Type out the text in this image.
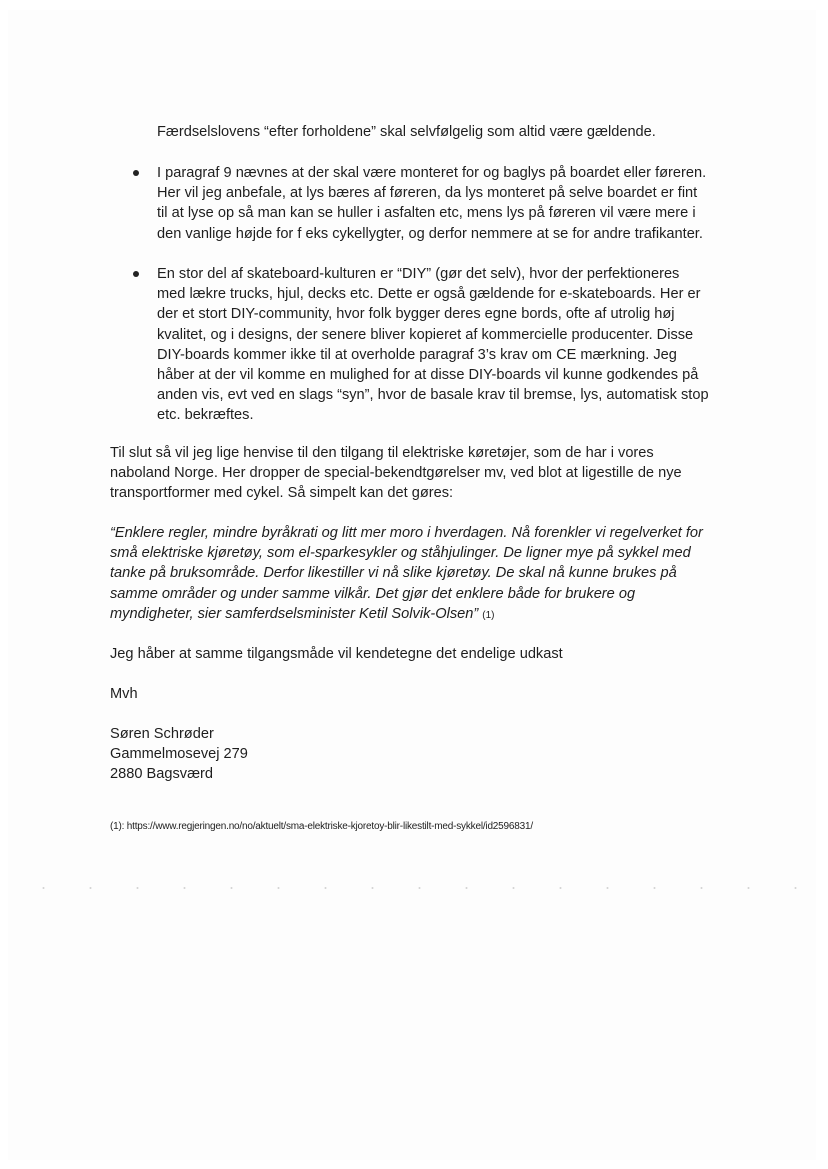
Færdselslovens “efter forholdene” skal selvfølgelig som altid være gældende.
I paragraf 9 nævnes at der skal være monteret for og baglys på boardet eller føreren.
Her vil jeg anbefale, at lys bæres af føreren, da lys monteret på selve boardet er fint
til at lyse op så man kan se huller i asfalten etc, mens lys på føreren vil være mere i
den vanlige højde for f eks cykellygter, og derfor nemmere at se for andre trafikanter.
En stor del af skateboard-kulturen er “DIY” (gør det selv), hvor der perfektioneres
med lækre trucks, hjul, decks etc. Dette er også gældende for e-skateboards. Her er
der et stort DIY-community, hvor folk bygger deres egne bords, ofte af utrolig høj
kvalitet, og i designs, der senere bliver kopieret af kommercielle producenter. Disse
DIY-boards kommer ikke til at overholde paragraf 3’s krav om CE mærkning. Jeg
håber at der vil komme en mulighed for at disse DIY-boards vil kunne godkendes på
anden vis, evt ved en slags “syn”, hvor de basale krav til bremse, lys, automatisk stop
etc. bekræftes.
Til slut så vil jeg lige henvise til den tilgang til elektriske køretøjer, som de har i vores
naboland Norge. Her dropper de special-bekendtgørelser mv, ved blot at ligestille de nye
transportformer med cykel. Så simpelt kan det gøres:
“Enklere regler, mindre byråkrati og litt mer moro i hverdagen. Nå forenkler vi regelverket for
små elektriske kjøretøy, som el-sparkesykler og ståhjulinger. De ligner mye på sykkel med
tanke på bruksområde. Derfor likestiller vi nå slike kjøretøy. De skal nå kunne brukes på
samme områder og under samme vilkår. Det gjør det enklere både for brukere og
myndigheter, sier samferdselsminister Ketil Solvik-Olsen” (1)
Jeg håber at samme tilgangsmåde vil kendetegne det endelige udkast
Mvh
Søren Schrøder
Gammelmosevej 279
2880 Bagsværd
(1): https://www.regjeringen.no/no/aktuelt/sma-elektriske-kjoretoy-blir-likestilt-med-sykkel/id2596831/
